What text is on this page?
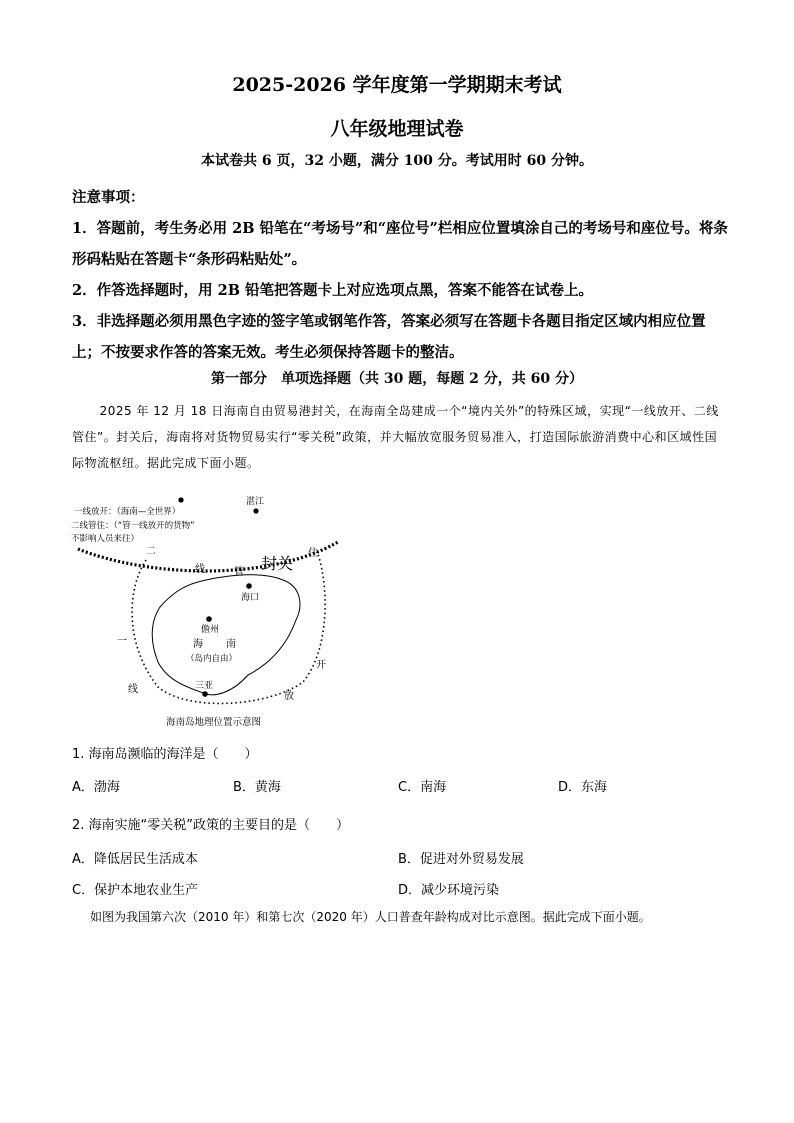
2025-2026 学年度第一学期期末考试
八年级地理试卷
本试卷共 6 页，32 小题，满分 100 分。考试用时 60 分钟。

注意事项：

1．答题前，考生务必用 2B 铅笔在“考场号”和“座位号”栏相应位置填涂自己的考场号和座位号。将条形码粘贴在答题卡“条形码粘贴处”。

2．作答选择题时，用 2B 铅笔把答题卡上对应选项点黑，答案不能答在试卷上。

3．非选择题必须用黑色字迹的签字笔或钢笔作答，答案必须写在答题卡各题目指定区域内相应位置上；不按要求作答的答案无效。考生必须保持答题卡的整洁。

第一部分　单项选择题（共 30 题，每题 2 分，共 60 分）
2025 年 12 月 18 日海南自由贸易港封关，在海南全岛建成一个“境内关外”的特殊区域，实现“一线放开、二线管住”。封关后，海南将对货物贸易实行“零关税”政策，并大幅放宽服务贸易准入，打造国际旅游消费中心和区域性国际物流枢纽。据此完成下面小题。
一线放开：（海南—全世界）
二线管住：（“管一线放开的货物”
不影响人员来往）
湛江
二
线	管
住
封关
海口
儋州
海 南
（岛内自由）
三亚
一
线
开
放
海南岛地理位置示意图
1. 海南岛濒临的海洋是（　　）
A．渤海	B．黄海	C．南海	D．东海
2. 海南实施“零关税”政策的主要目的是（　　）
A．降低居民生活成本	B．促进对外贸易发展
C．保护本地农业生产	D．减少环境污染
如图为我国第六次（2010 年）和第七次（2020 年）人口普查年龄构成对比示意图。据此完成下面小题。
